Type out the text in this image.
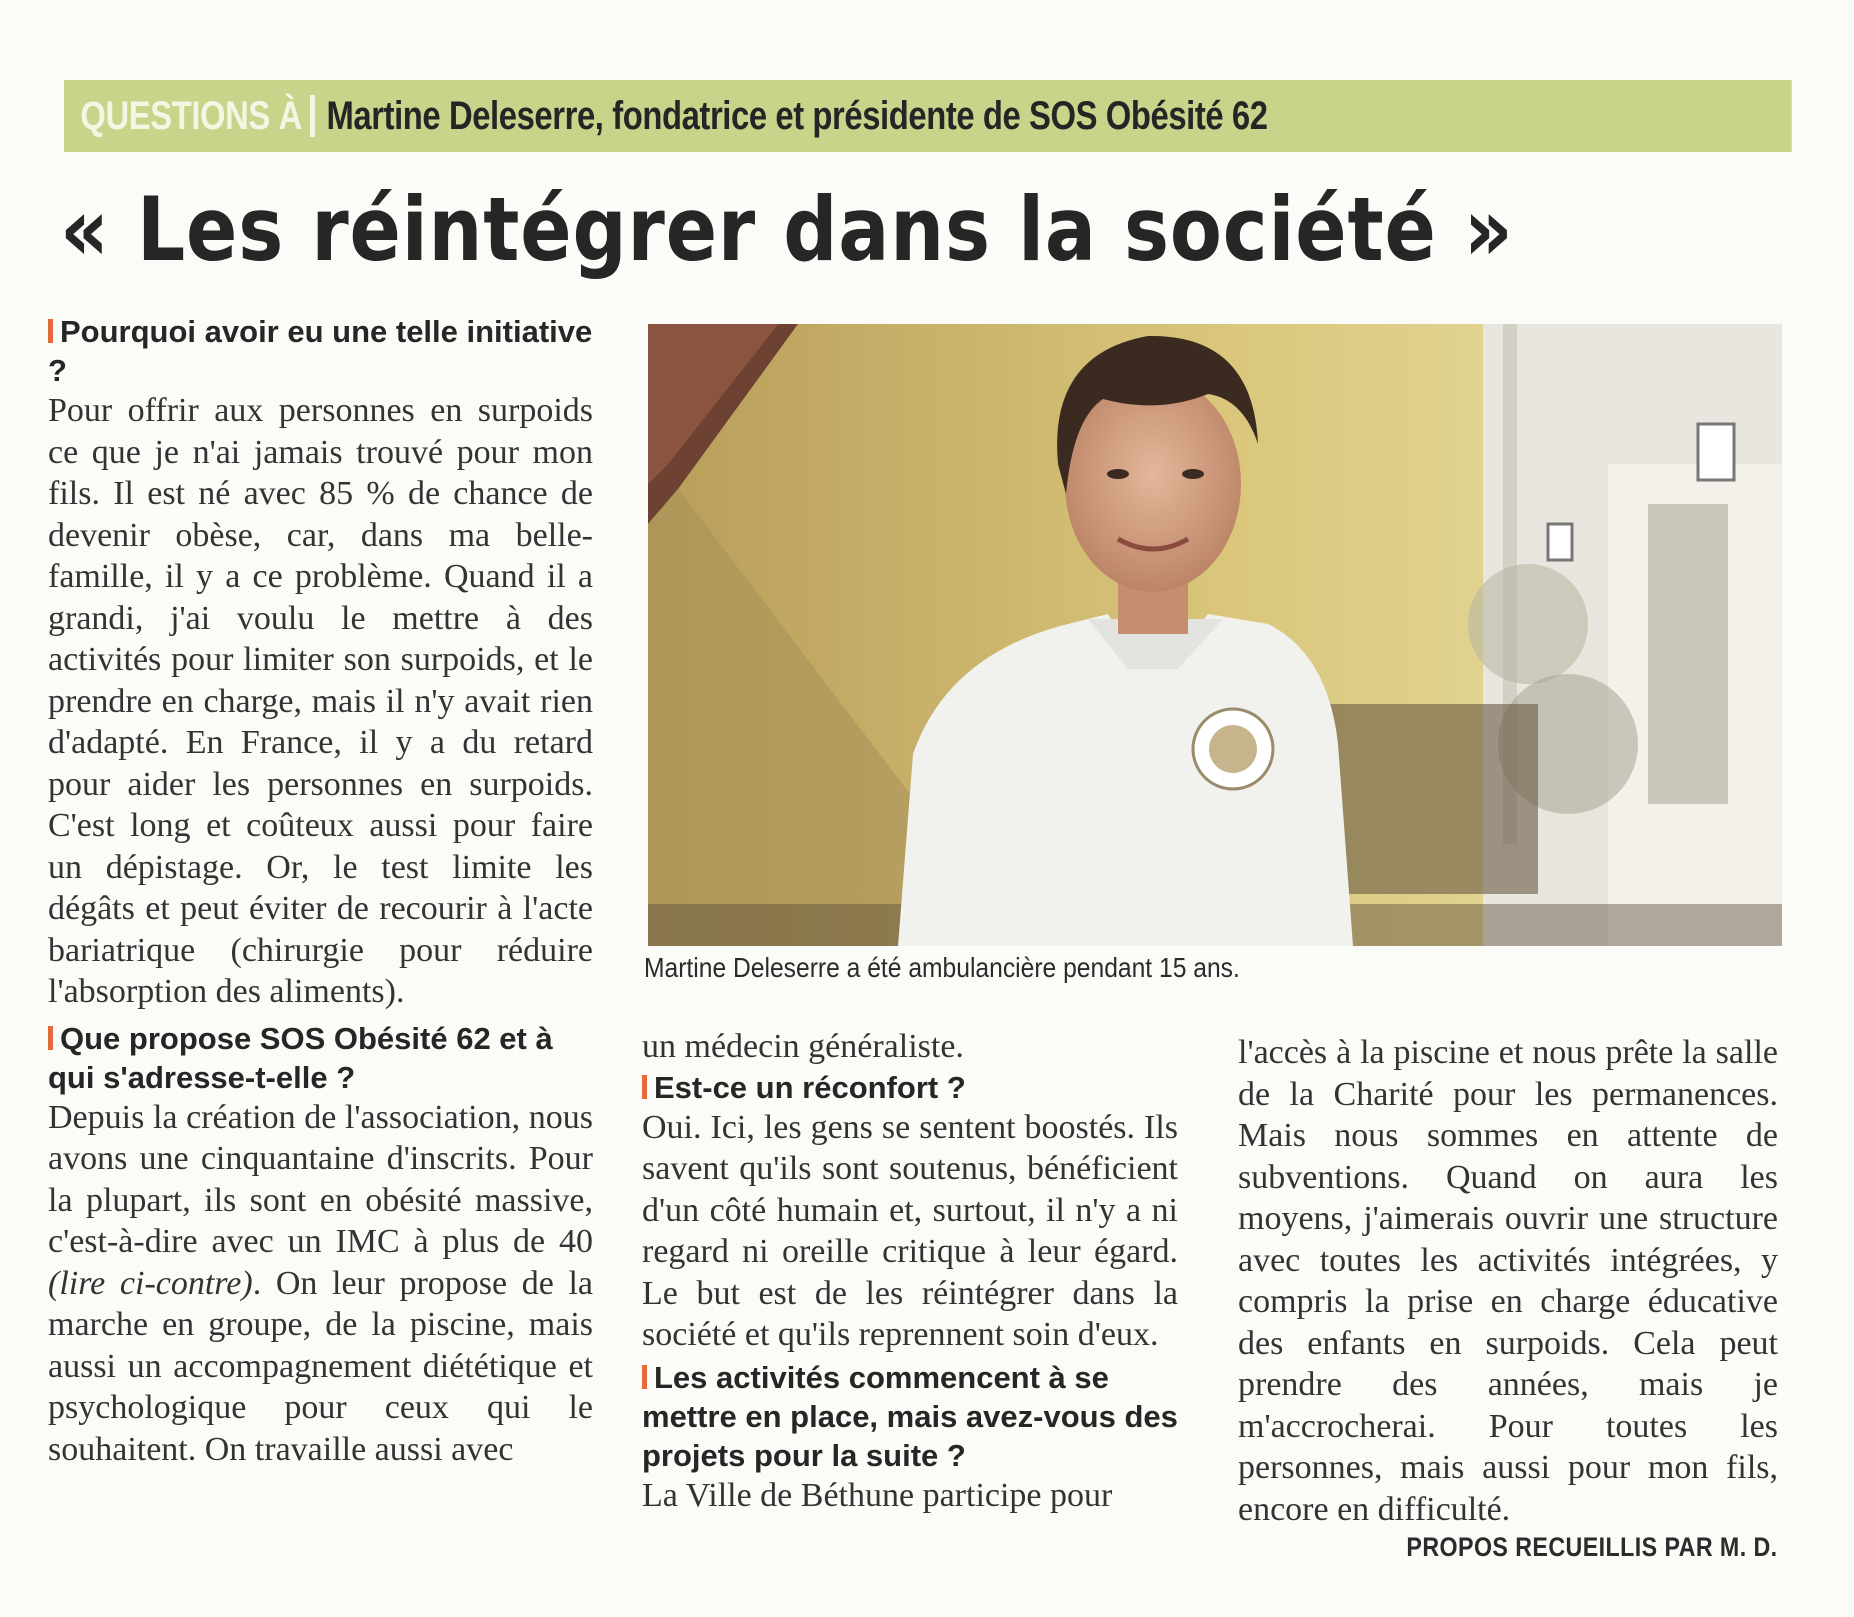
QUESTIONS À Martine Deleserre, fondatrice et présidente de SOS Obésité 62
« Les réintégrer dans la société »

Pourquoi avoir eu une telle initiative ?

Pour offrir aux personnes en surpoids ce que je n'ai jamais trouvé pour mon fils. Il est né avec 85 % de chance de devenir obèse, car, dans ma belle-famille, il y a ce problème. Quand il a grandi, j'ai voulu le mettre à des activités pour limiter son surpoids, et le prendre en charge, mais il n'y avait rien d'adapté. En France, il y a du retard pour aider les personnes en surpoids. C'est long et coûteux aussi pour faire un dépistage. Or, le test limite les dégâts et peut éviter de recourir à l'acte bariatrique (chirurgie pour réduire l'absorption des aliments).

Que propose SOS Obésité 62 et à qui s'adresse-t-elle ?

Depuis la création de l'association, nous avons une cinquantaine d'inscrits. Pour la plupart, ils sont en obésité massive, c'est-à-dire avec un IMC à plus de 40 (lire ci-contre). On leur propose de la marche en groupe, de la piscine, mais aussi un accompagnement diététique et psychologique pour ceux qui le souhaitent. On travaille aussi avec

Martine Deleserre a été ambulancière pendant 15 ans.

un médecin généraliste.

Est-ce un réconfort ?

Oui. Ici, les gens se sentent boostés. Ils savent qu'ils sont soutenus, bénéficient d'un côté humain et, surtout, il n'y a ni regard ni oreille critique à leur égard. Le but est de les réintégrer dans la société et qu'ils reprennent soin d'eux.

Les activités commencent à se mettre en place, mais avez-vous des projets pour la suite ?

La Ville de Béthune participe pour

l'accès à la piscine et nous prête la salle de la Charité pour les permanences. Mais nous sommes en attente de subventions. Quand on aura les moyens, j'aimerais ouvrir une structure avec toutes les activités intégrées, y compris la prise en charge éducative des enfants en surpoids. Cela peut prendre des années, mais je m'accrocherai. Pour toutes les personnes, mais aussi pour mon fils, encore en difficulté.

PROPOS RECUEILLIS PAR M. D.
